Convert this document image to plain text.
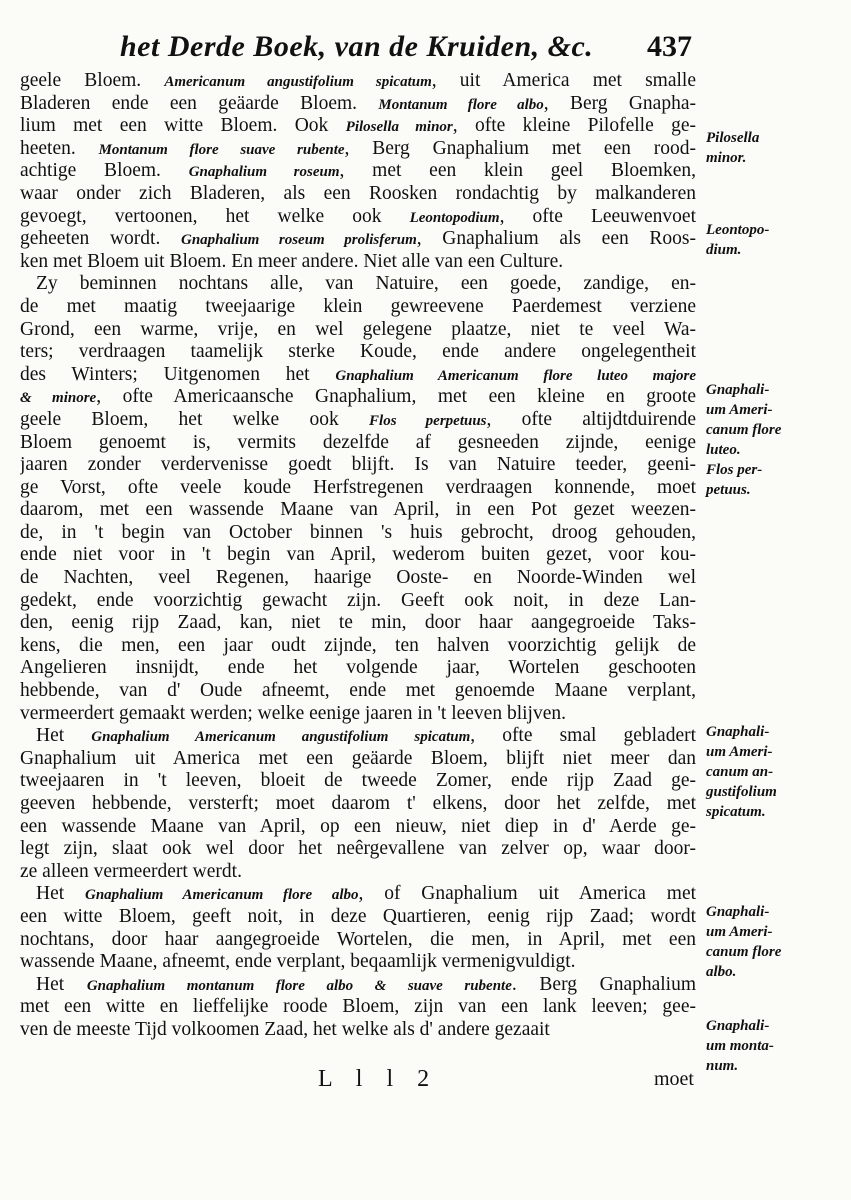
het Derde Boek, van de Kruiden, &c. 437
geele Bloem. Americanum angustifolium spicatum, uit America met smalle
Bladeren ende een geäarde Bloem. Montanum flore albo, Berg Gnapha-
lium met een witte Bloem. Ook Pilosella minor, ofte kleine Pilofelle ge-
heeten. Montanum flore suave rubente, Berg Gnaphalium met een rood-
achtige Bloem. Gnaphalium roseum, met een klein geel Bloemken,
waar onder zich Bladeren, als een Roosken rondachtig by malkanderen
gevoegt, vertoonen, het welke ook Leontopodium, ofte Leeuwenvoet
geheeten wordt. Gnaphalium roseum prolisferum, Gnaphalium als een Roos-
ken met Bloem uit Bloem. En meer andere. Niet alle van een Culture.
Zy beminnen nochtans alle, van Natuire, een goede, zandige, en-
de met maatig tweejaarige klein gewreevene Paerdemest verziene
Grond, een warme, vrije, en wel gelegene plaatze, niet te veel Wa-
ters; verdraagen taamelijk sterke Koude, ende andere ongelegentheit
des Winters; Uitgenomen het Gnaphalium Americanum flore luteo majore
& minore, ofte Americaansche Gnaphalium, met een kleine en groote
geele Bloem, het welke ook Flos perpetuus, ofte altijdtduirende
Bloem genoemt is, vermits dezelfde af gesneeden zijnde, eenige
jaaren zonder verdervenisse goedt blijft. Is van Natuire teeder, geeni-
ge Vorst, ofte veele koude Herfstregenen verdraagen konnende, moet
daarom, met een wassende Maane van April, in een Pot gezet weezen-
de, in 't begin van October binnen 's huis gebrocht, droog gehouden,
ende niet voor in 't begin van April, wederom buiten gezet, voor kou-
de Nachten, veel Regenen, haarige Ooste- en Noorde-Winden wel
gedekt, ende voorzichtig gewacht zijn. Geeft ook noit, in deze Lan-
den, eenig rijp Zaad, kan, niet te min, door haar aangegroeide Taks-
kens, die men, een jaar oudt zijnde, ten halven voorzichtig gelijk de
Angelieren insnijdt, ende het volgende jaar, Wortelen geschooten
hebbende, van d' Oude afneemt, ende met genoemde Maane verplant,
vermeerdert gemaakt werden; welke eenige jaaren in 't leeven blijven.
Het Gnaphalium Americanum angustifolium spicatum, ofte smal gebladert
Gnaphalium uit America met een geäarde Bloem, blijft niet meer dan
tweejaaren in 't leeven, bloeit de tweede Zomer, ende rijp Zaad ge-
geeven hebbende, versterft; moet daarom t' elkens, door het zelfde, met
een wassende Maane van April, op een nieuw, niet diep in d' Aerde ge-
legt zijn, slaat ook wel door het neêrgevallene van zelver op, waar door-
ze alleen vermeerdert werdt.
Het Gnaphalium Americanum flore albo, of Gnaphalium uit America met
een witte Bloem, geeft noit, in deze Quartieren, eenig rijp Zaad; wordt
nochtans, door haar aangegroeide Wortelen, die men, in April, met een
wassende Maane, afneemt, ende verplant, beqaamlijk vermenigvuldigt.
Het Gnaphalium montanum flore albo & suave rubente. Berg Gnaphalium
met een witte en lieffelijke roode Bloem, zijn van een lank leeven; gee-
ven de meeste Tijd volkoomen Zaad, het welke als d' andere gezaait
Pilosella
minor.
Leontopo-
dium.
Gnaphali-
um Ameri-
canum flore
luteo.
Flos per-
petuus.
Gnaphali-
um Ameri-
canum an-
gustifolium
spicatum.
Gnaphali-
um Ameri-
canum flore
albo.
Gnaphali-
um monta-
num.
L l l 2	moet
